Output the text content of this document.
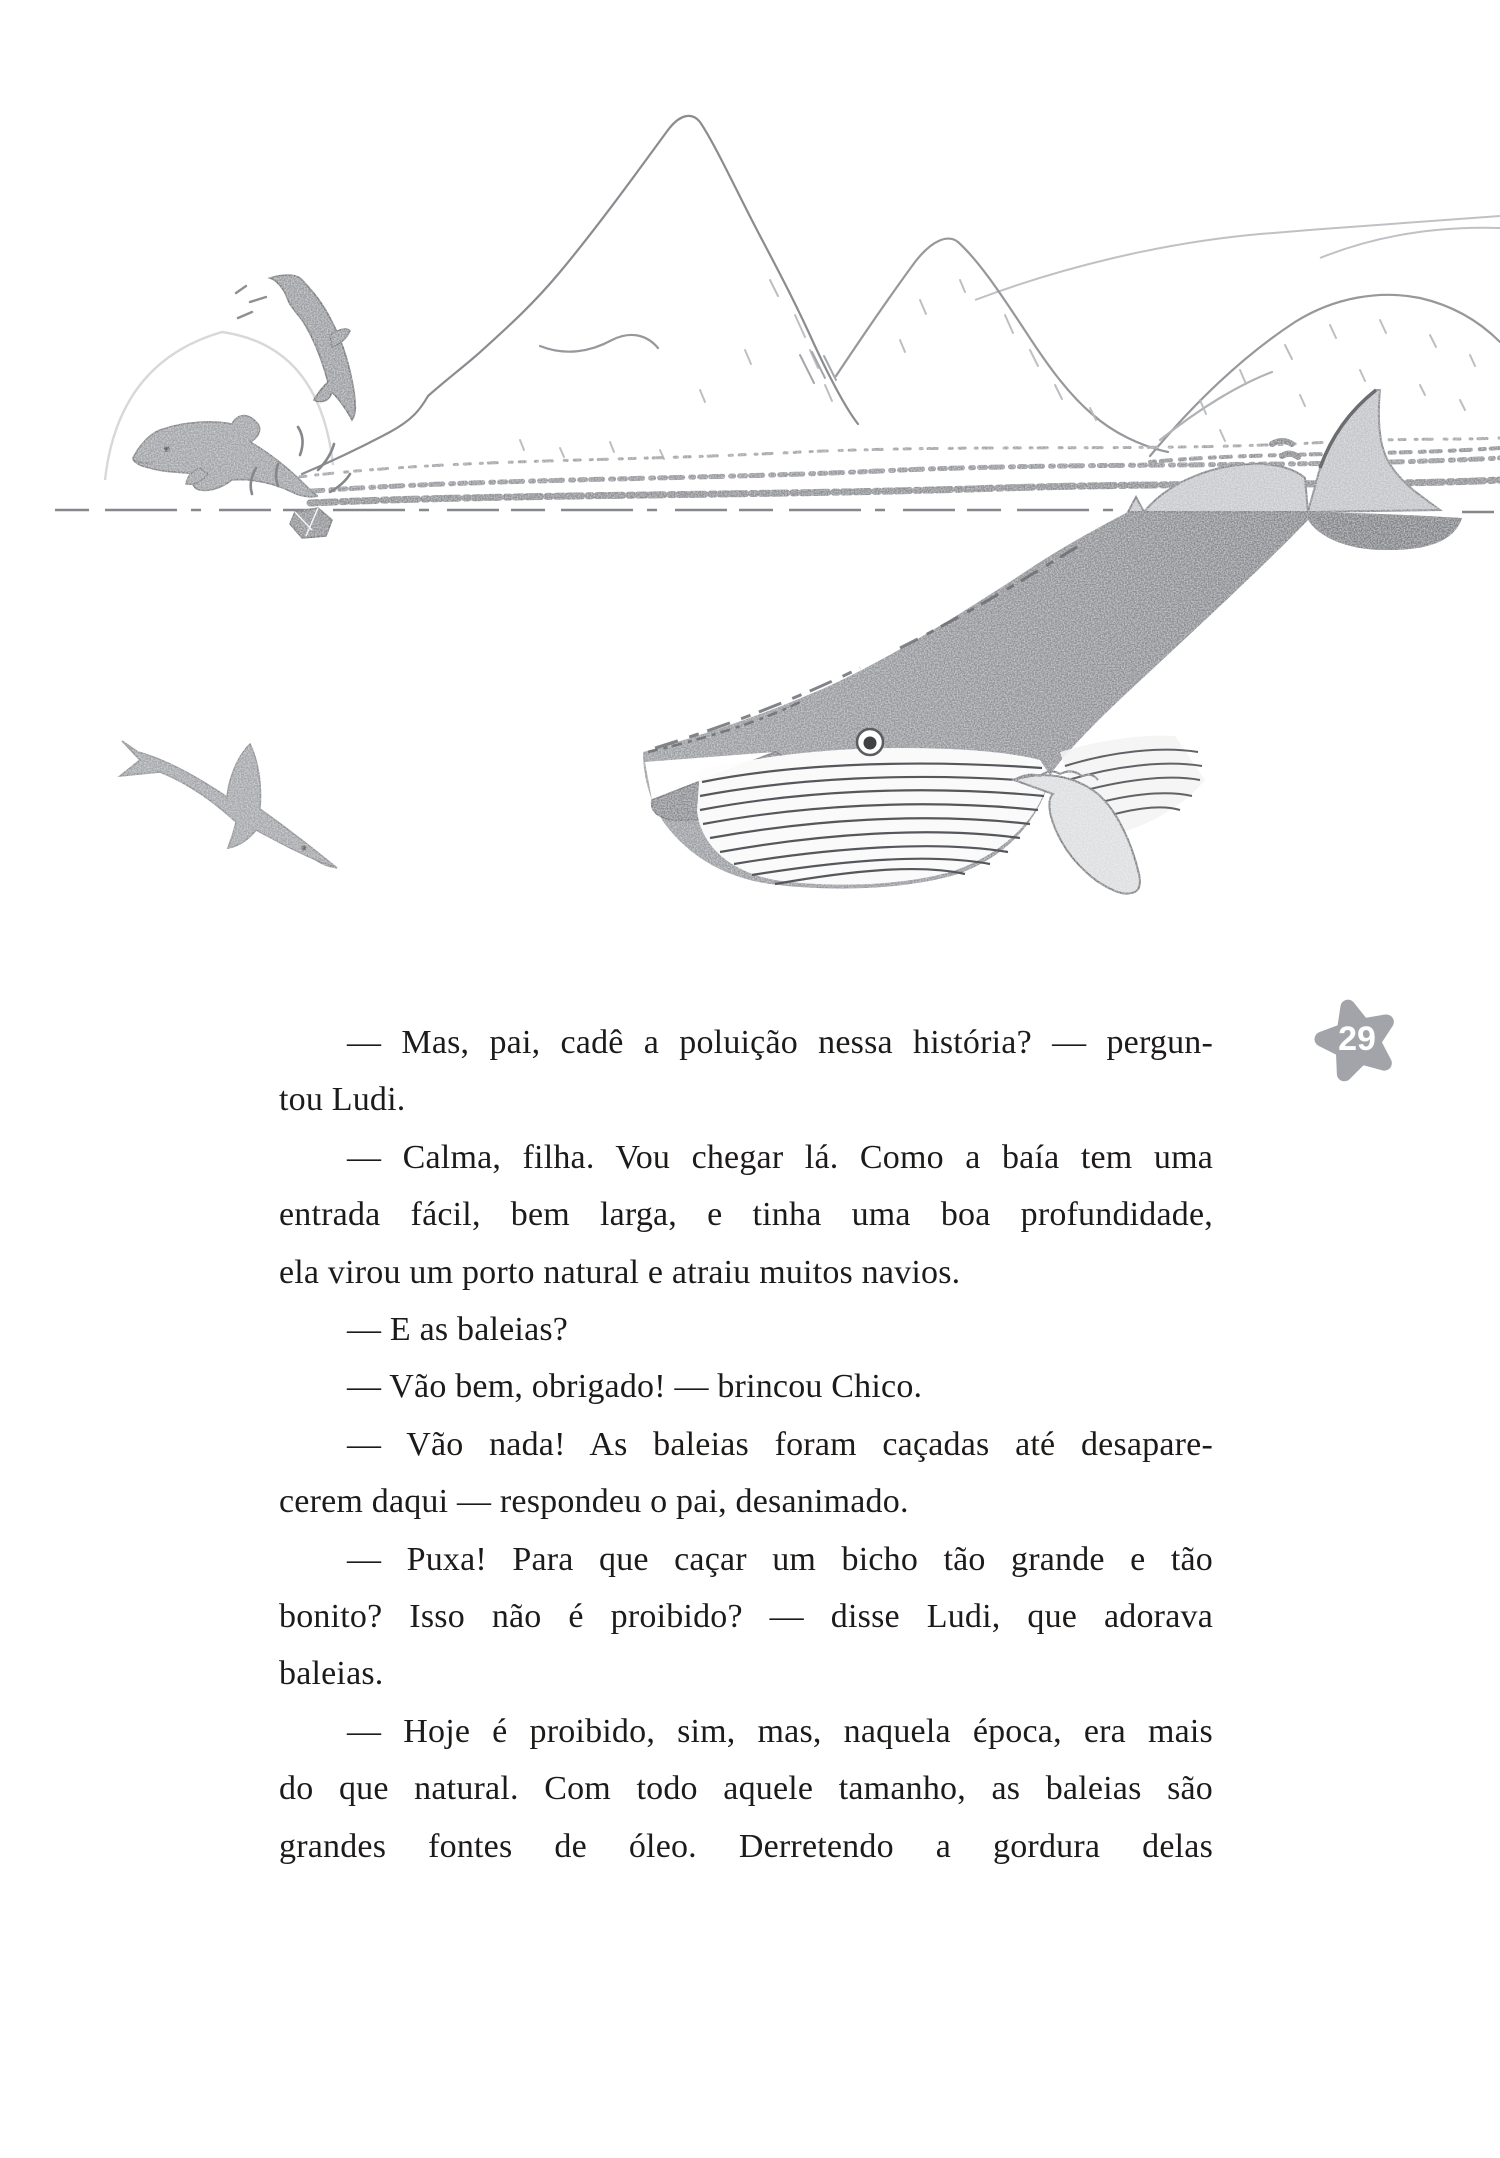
29
— Mas, pai, cadê a poluição nessa história? — pergun-
tou Ludi.
— Calma, filha. Vou chegar lá. Como a baía tem uma
entrada fácil, bem larga, e tinha uma boa profundidade,
ela virou um porto natural e atraiu muitos navios.
— E as baleias?
— Vão bem, obrigado! — brincou Chico.
— Vão nada! As baleias foram caçadas até desapare-
cerem daqui — respondeu o pai, desanimado.
— Puxa! Para que caçar um bicho tão grande e tão
bonito? Isso não é proibido? — disse Ludi, que adorava
baleias.
— Hoje é proibido, sim, mas, naquela época, era mais
do que natural. Com todo aquele tamanho, as baleias são
grandes fontes de óleo. Derretendo a gordura delas
